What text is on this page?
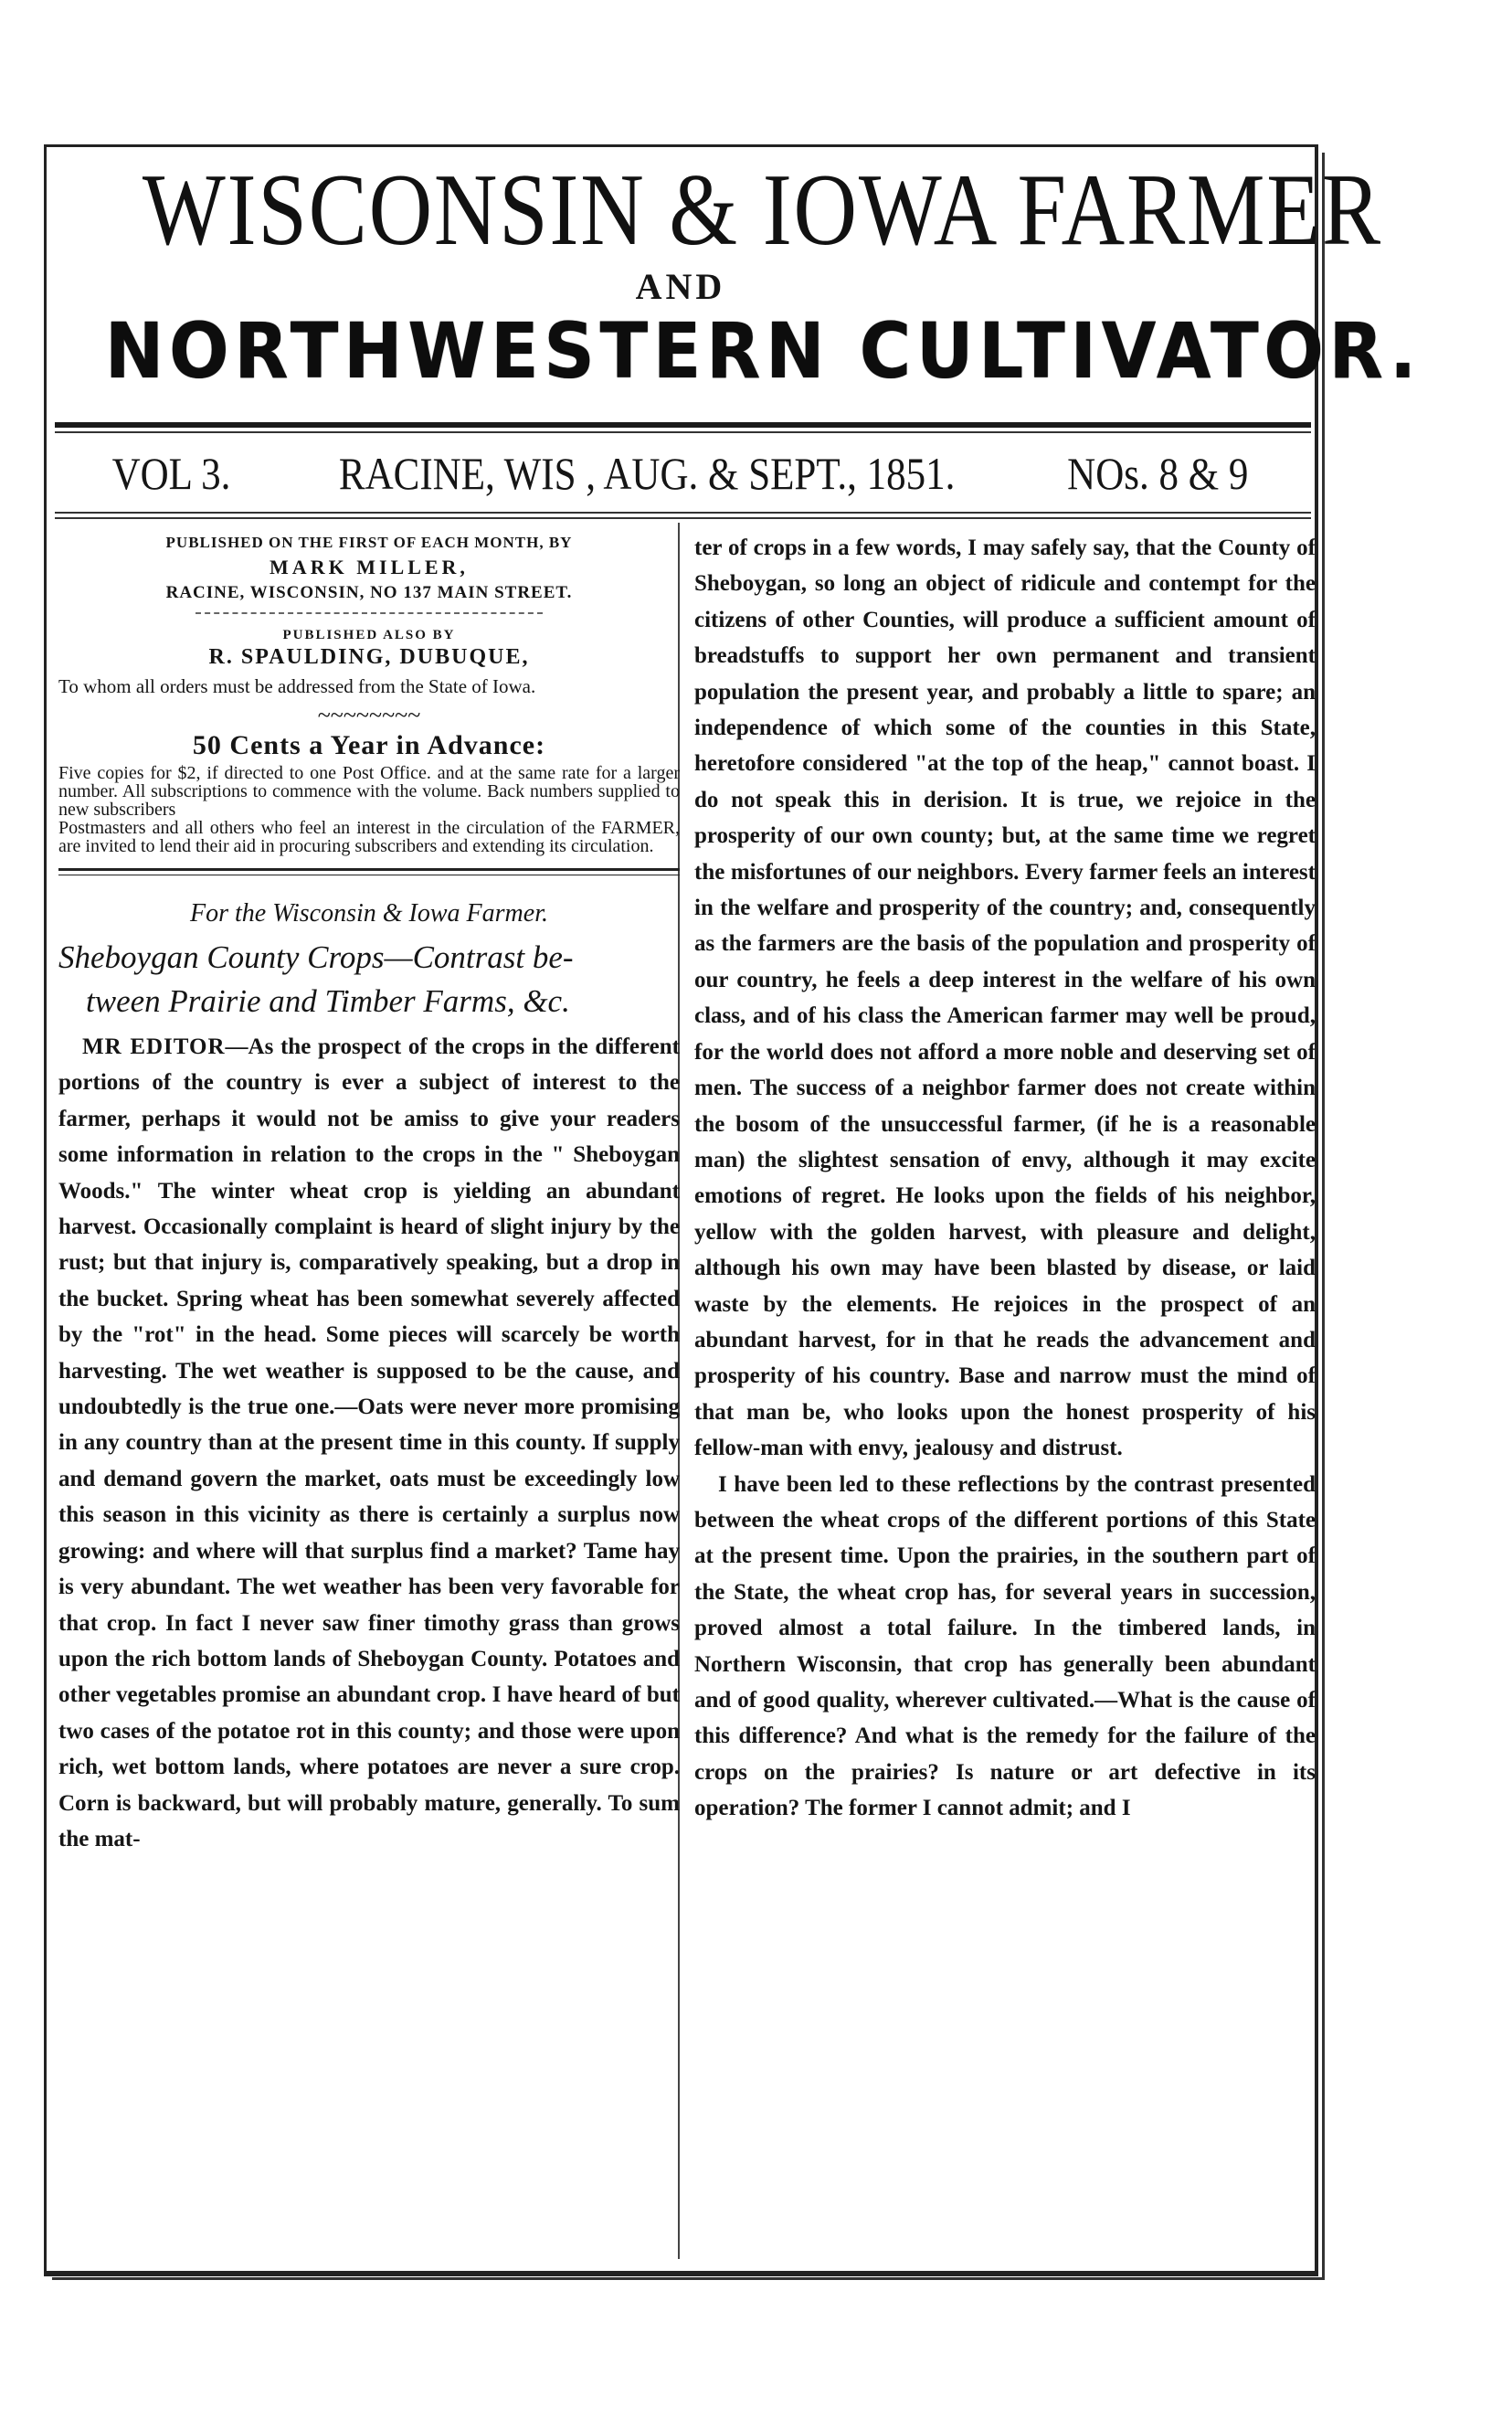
WISCONSIN & IOWA FARMER
AND
NORTHWESTERN CULTIVATOR.
VOL 3. RACINE, WIS , AUG. & SEPT., 1851. NOs. 8 & 9
PUBLISHED ON THE FIRST OF EACH MONTH, BY
MARK MILLER,
RACINE, WISCONSIN, NO 137 MAIN STREET.
PUBLISHED ALSO BY
R. SPAULDING, DUBUQUE,
To whom all orders must be addressed from the State of Iowa.
~~~~~~~~
50 Cents a Year in Advance:

Five copies for $2, if directed to one Post Office. and at the same rate for a larger number. All subscriptions to commence with the volume. Back numbers supplied to new subscribers

Postmasters and all others who feel an interest in the circulation of the FARMER, are invited to lend their aid in procuring subscribers and extending its circulation.

For the Wisconsin & Iowa Farmer.
Sheboygan County Crops—Contrast be-
tween Prairie and Timber Farms, &c.

MR EDITOR—As the prospect of the crops in the different portions of the country is ever a subject of interest to the farmer, perhaps it would not be amiss to give your readers some information in relation to the crops in the " Sheboygan Woods." The winter wheat crop is yielding an abundant harvest. Occasionally complaint is heard of slight injury by the rust; but that injury is, comparatively speaking, but a drop in the bucket. Spring wheat has been somewhat severely affected by the "rot" in the head. Some pieces will scarcely be worth harvesting. The wet weather is supposed to be the cause, and undoubtedly is the true one.—Oats were never more promising in any country than at the present time in this county. If supply and demand govern the market, oats must be exceedingly low this season in this vicinity as there is certainly a surplus now growing: and where will that surplus find a market? Tame hay is very abundant. The wet weather has been very favorable for that crop. In fact I never saw finer timothy grass than grows upon the rich bottom lands of Sheboygan County. Potatoes and other vegetables promise an abundant crop. I have heard of but two cases of the potatoe rot in this county; and those were upon rich, wet bottom lands, where potatoes are never a sure crop. Corn is backward, but will probably mature, generally. To sum the mat-

ter of crops in a few words, I may safely say, that the County of Sheboygan, so long an object of ridicule and contempt for the citizens of other Counties, will produce a sufficient amount of breadstuffs to support her own permanent and transient population the present year, and probably a little to spare; an independence of which some of the counties in this State, heretofore considered "at the top of the heap," cannot boast. I do not speak this in derision. It is true, we rejoice in the prosperity of our own county; but, at the same time we regret the misfortunes of our neighbors. Every farmer feels an interest in the welfare and prosperity of the country; and, consequently as the farmers are the basis of the population and prosperity of our country, he feels a deep interest in the welfare of his own class, and of his class the American farmer may well be proud, for the world does not afford a more noble and deserving set of men. The success of a neighbor farmer does not create within the bosom of the unsuccessful farmer, (if he is a reasonable man) the slightest sensation of envy, although it may excite emotions of regret. He looks upon the fields of his neighbor, yellow with the golden harvest, with pleasure and delight, although his own may have been blasted by disease, or laid waste by the elements. He rejoices in the prospect of an abundant harvest, for in that he reads the advancement and prosperity of his country. Base and narrow must the mind of that man be, who looks upon the honest prosperity of his fellow-man with envy, jealousy and distrust.

I have been led to these reflections by the contrast presented between the wheat crops of the different portions of this State at the present time. Upon the prairies, in the southern part of the State, the wheat crop has, for several years in succession, proved almost a total failure. In the timbered lands, in Northern Wisconsin, that crop has generally been abundant and of good quality, wherever cultivated.—What is the cause of this difference? And what is the remedy for the failure of the crops on the prairies? Is nature or art defective in its operation? The former I cannot admit; and I
